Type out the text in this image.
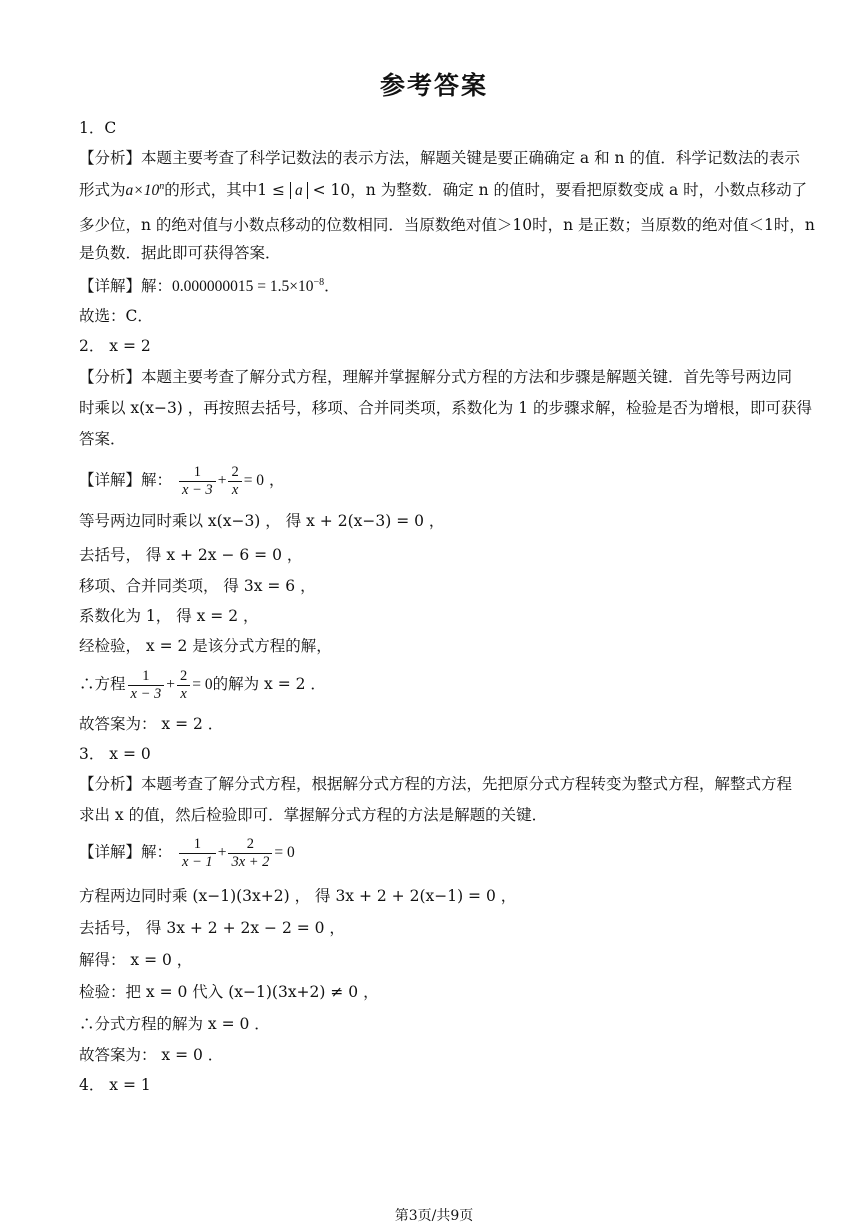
参考答案
1．C
【分析】本题主要考查了科学记数法的表示方法，解题关键是要正确确定 a 和 n 的值．科学记数法的表示
形式为$a\times 10^n$的形式，其中1 ≤ a < 10，n 为整数．确定 n 的值时，要看把原数变成 a 时，小数点移动了
多少位，n 的绝对值与小数点移动的位数相同．当原数绝对值＞10时，n 是正数；当原数的绝对值＜1时，n
是负数．据此即可获得答案．
【详解】解：$0.000000015 = 1.5\times 10^{-8}$．
故选：C．
2． x = 2
【分析】本题主要考查了解分式方程，理解并掌握解分式方程的方法和步骤是解题关键．首先等号两边同
时乘以 x(x−3) ，再按照去括号，移项、合并同类项，系数化为 1 的步骤求解，检验是否为增根，即可获得
答案．
【详解】解： $\frac{1}{x - 3} + \frac{2}{x} = 0$ ，
等号两边同时乘以 x(x−3) ， 得 x + 2(x−3) = 0 ，
去括号， 得 x + 2x − 6 = 0 ，
移项、合并同类项， 得 3x = 6 ，
系数化为 1， 得 x = 2 ，
经检验， x = 2 是该分式方程的解，
∴方程 $\frac{1}{x - 3} + \frac{2}{x} = 0$的解为 x = 2 ．
故答案为： x = 2 ．
3． x = 0
【分析】本题考查了解分式方程，根据解分式方程的方法，先把原分式方程转变为整式方程，解整式方程
求出 x 的值，然后检验即可．掌握解分式方程的方法是解题的关键．
【详解】解： $\frac{1}{x - 1} + \frac{2}{3x + 2} = 0$
方程两边同时乘 (x−1)(3x+2) ， 得 3x + 2 + 2(x−1) = 0 ，
去括号， 得 3x + 2 + 2x − 2 = 0 ，
解得： x = 0 ，
检验：把 x = 0 代入 (x−1)(3x+2) ≠ 0 ，
∴分式方程的解为 x = 0 ．
故答案为： x = 0 ．
4． x = 1
第3页/共9页
